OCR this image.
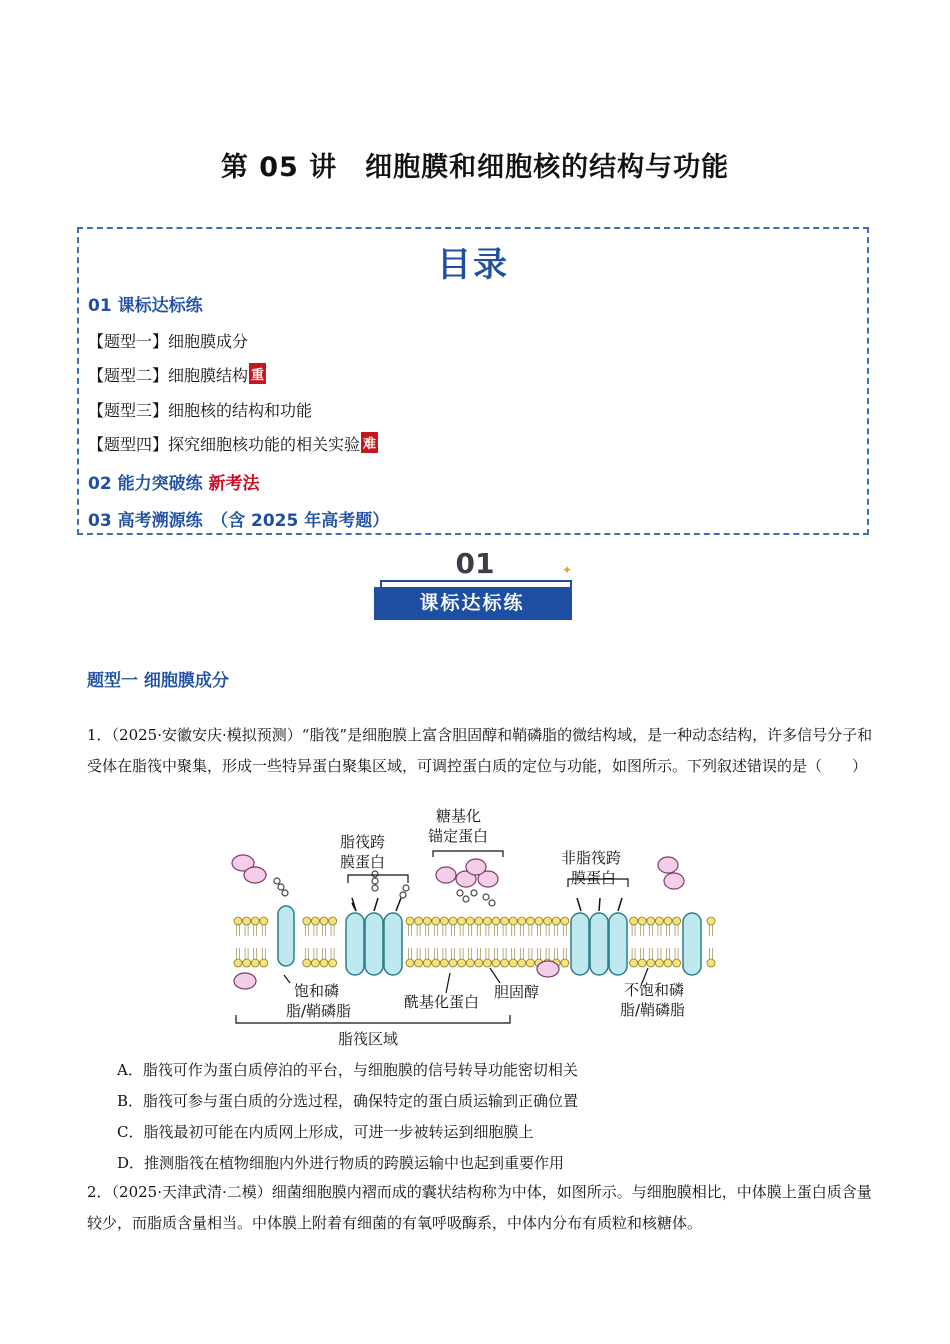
第 05 讲　细胞膜和细胞核的结构与功能
目录
01 课标达标练
【题型一】细胞膜成分
【题型二】细胞膜结构 重
【题型三】细胞核的结构和功能
【题型四】探究细胞核功能的相关实验 难
02 能力突破练 新考法
03 高考溯源练　（含 2025 年高考题）
01
课标达标练
✦
题型一 细胞膜成分
1．（2025·安徽安庆·模拟预测）“脂筏”是细胞膜上富含胆固醇和鞘磷脂的微结构域，是一种动态结构，许多信号分子和受体在脂筏中聚集，形成一些特异蛋白聚集区域，可调控蛋白质的定位与功能，如图所示。下列叙述错误的是（　　）
脂筏跨
膜蛋白
糖基化
锚定蛋白
非脂筏跨
膜蛋白
饱和磷
脂/鞘磷脂	酰基化蛋白
胆固醇	不饱和磷
脂/鞘磷脂
脂筏区域
A．脂筏可作为蛋白质停泊的平台，与细胞膜的信号转导功能密切相关
B．脂筏可参与蛋白质的分选过程，确保特定的蛋白质运输到正确位置
C．脂筏最初可能在内质网上形成，可进一步被转运到细胞膜上
D．推测脂筏在植物细胞内外进行物质的跨膜运输中也起到重要作用
2．（2025·天津武清·二模）细菌细胞膜内褶而成的囊状结构称为中体，如图所示。与细胞膜相比，中体膜上蛋白质含量较少，而脂质含量相当。中体膜上附着有细菌的有氧呼吸酶系，中体内分布有质粒和核糖体。
